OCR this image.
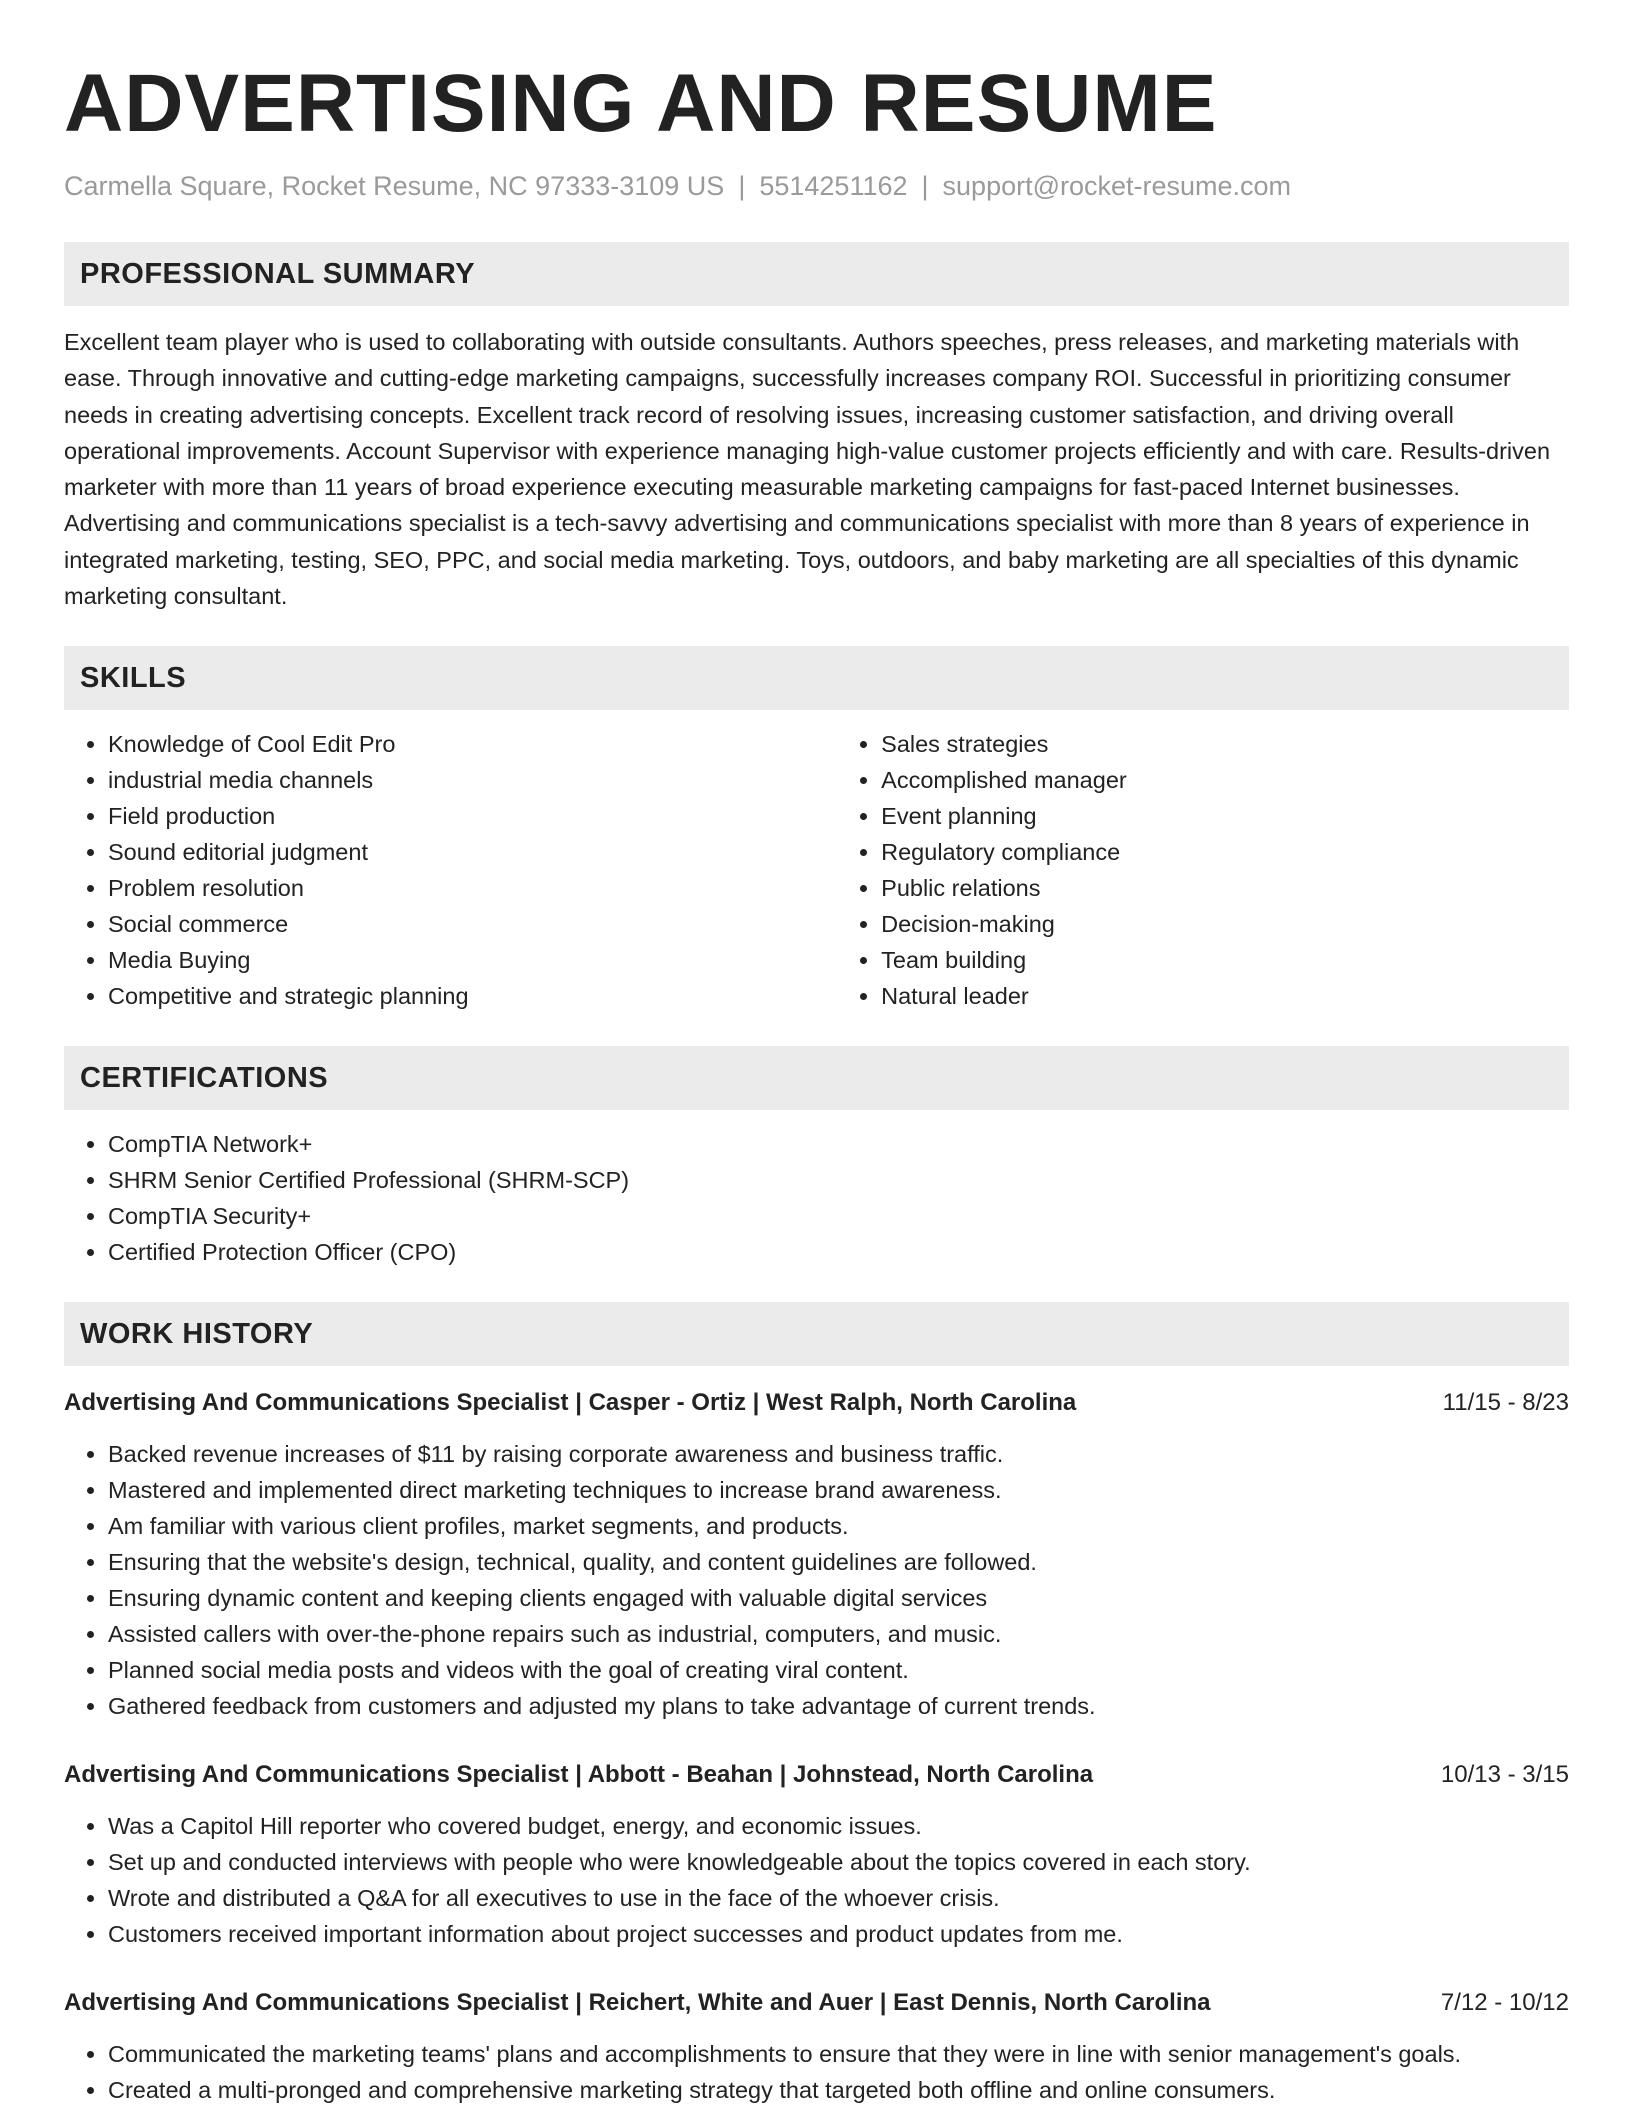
ADVERTISING AND RESUME
Carmella Square, Rocket Resume, NC 97333-3109 US | 5514251162 | support@rocket-resume.com
PROFESSIONAL SUMMARY

Excellent team player who is used to collaborating with outside consultants. Authors speeches, press releases, and marketing materials with ease. Through innovative and cutting-edge marketing campaigns, successfully increases company ROI. Successful in prioritizing consumer needs in creating advertising concepts. Excellent track record of resolving issues, increasing customer satisfaction, and driving overall operational improvements. Account Supervisor with experience managing high-value customer projects efficiently and with care. Results-driven marketer with more than 11 years of broad experience executing measurable marketing campaigns for fast-paced Internet businesses. Advertising and communications specialist is a tech-savvy advertising and communications specialist with more than 8 years of experience in integrated marketing, testing, SEO, PPC, and social media marketing. Toys, outdoors, and baby marketing are all specialties of this dynamic marketing consultant.

SKILLS
• Knowledge of Cool Edit Pro
• industrial media channels
• Field production
• Sound editorial judgment
• Problem resolution
• Social commerce
• Media Buying
• Competitive and strategic planning
• Sales strategies
• Accomplished manager
• Event planning
• Regulatory compliance
• Public relations
• Decision-making
• Team building
• Natural leader
CERTIFICATIONS
• CompTIA Network+
• SHRM Senior Certified Professional (SHRM-SCP)
• CompTIA Security+
• Certified Protection Officer (CPO)
WORK HISTORY
Advertising And Communications Specialist | Casper - Ortiz | West Ralph, North Carolina	11/15 - 8/23
• Backed revenue increases of $11 by raising corporate awareness and business traffic.
• Mastered and implemented direct marketing techniques to increase brand awareness.
• Am familiar with various client profiles, market segments, and products.
• Ensuring that the website's design, technical, quality, and content guidelines are followed.
• Ensuring dynamic content and keeping clients engaged with valuable digital services
• Assisted callers with over-the-phone repairs such as industrial, computers, and music.
• Planned social media posts and videos with the goal of creating viral content.
• Gathered feedback from customers and adjusted my plans to take advantage of current trends.
Advertising And Communications Specialist | Abbott - Beahan | Johnstead, North Carolina	10/13 - 3/15
• Was a Capitol Hill reporter who covered budget, energy, and economic issues.
• Set up and conducted interviews with people who were knowledgeable about the topics covered in each story.
• Wrote and distributed a Q&A for all executives to use in the face of the whoever crisis.
• Customers received important information about project successes and product updates from me.
Advertising And Communications Specialist | Reichert, White and Auer | East Dennis, North Carolina	7/12 - 10/12
• Communicated the marketing teams' plans and accomplishments to ensure that they were in line with senior management's goals.
• Created a multi-pronged and comprehensive marketing strategy that targeted both offline and online consumers.
